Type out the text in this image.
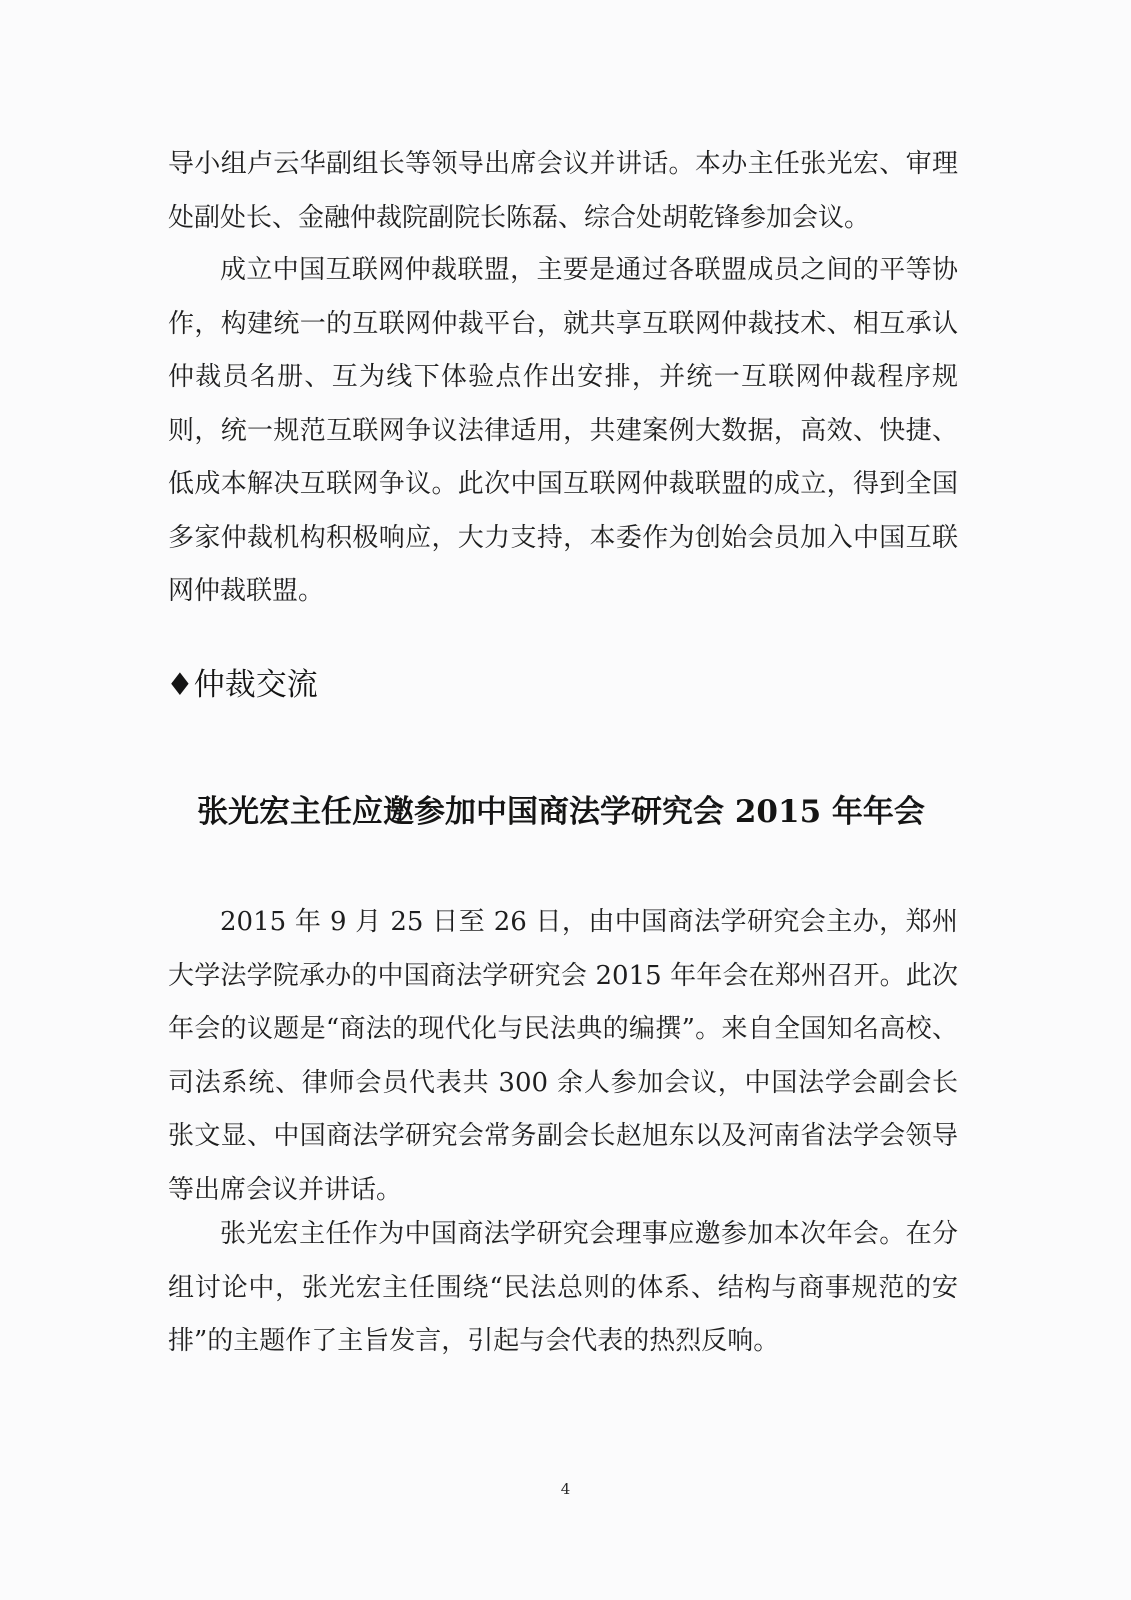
导小组卢云华副组长等领导出席会议并讲话。本办主任张光宏、审理处副处长、金融仲裁院副院长陈磊、综合处胡乾锋参加会议。

成立中国互联网仲裁联盟，主要是通过各联盟成员之间的平等协作，构建统一的互联网仲裁平台，就共享互联网仲裁技术、相互承认仲裁员名册、互为线下体验点作出安排，并统一互联网仲裁程序规则，统一规范互联网争议法律适用，共建案例大数据，高效、快捷、低成本解决互联网争议。此次中国互联网仲裁联盟的成立，得到全国多家仲裁机构积极响应，大力支持，本委作为创始会员加入中国互联网仲裁联盟。

♦仲裁交流
张光宏主任应邀参加中国商法学研究会 2015 年年会

2015 年 9 月 25 日至 26 日，由中国商法学研究会主办，郑州大学法学院承办的中国商法学研究会 2015 年年会在郑州召开。此次年会的议题是“商法的现代化与民法典的编撰”。来自全国知名高校、司法系统、律师会员代表共 300 余人参加会议，中国法学会副会长张文显、中国商法学研究会常务副会长赵旭东以及河南省法学会领导等出席会议并讲话。

张光宏主任作为中国商法学研究会理事应邀参加本次年会。在分组讨论中，张光宏主任围绕“民法总则的体系、结构与商事规范的安排”的主题作了主旨发言，引起与会代表的热烈反响。

4
